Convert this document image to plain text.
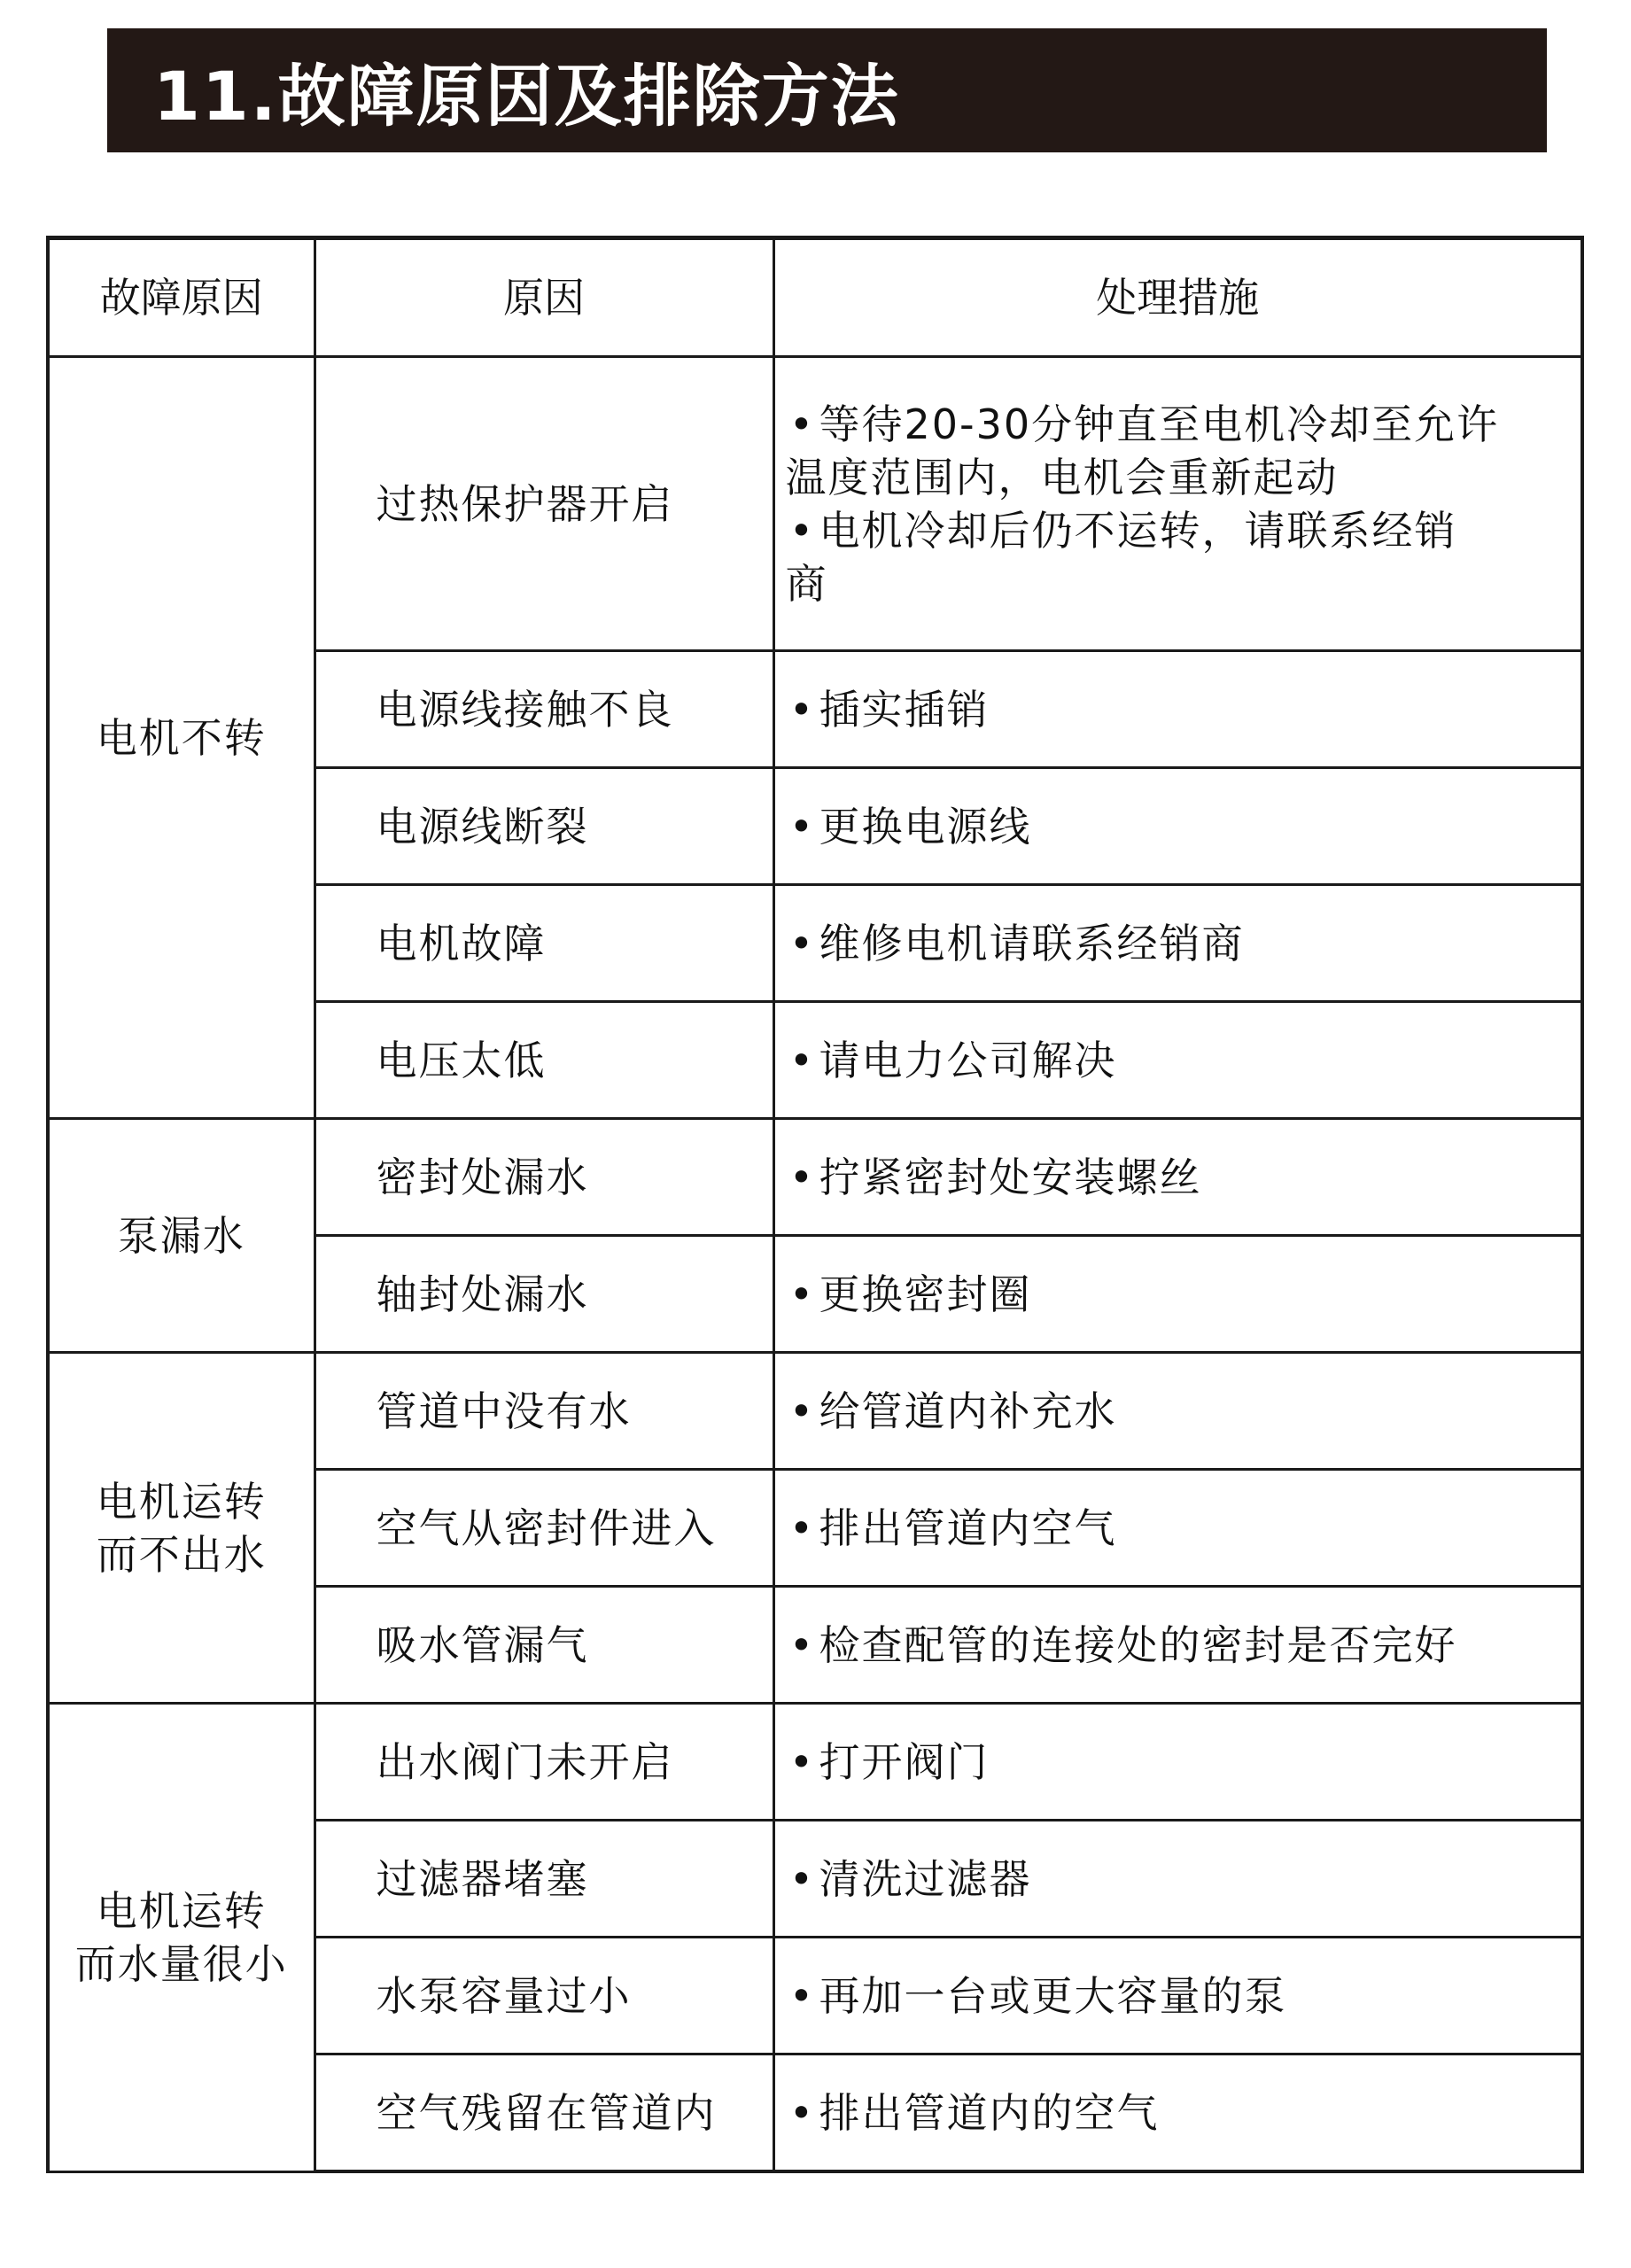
11.故障原因及排除方法
故障原因	原因	处理措施

电机不转	过热保护器开启	•等待20-30分钟直至电机冷却至允许
温度范围内，电机会重新起动
•电机冷却后仍不运转，请联系经销
商

	电源线接触不良	•插实插销
	电源线断裂	•更换电源线
	电机故障	•维修电机请联系经销商
	电压太低	•请电力公司解决

泵漏水	密封处漏水	•拧紧密封处安装螺丝
	轴封处漏水	•更换密封圈

电机运转
而不出水	管道中没有水	•给管道内补充水
	空气从密封件进入	•排出管道内空气
	吸水管漏气	•检查配管的连接处的密封是否完好

电机运转
而水量很小	出水阀门未开启	•打开阀门
	过滤器堵塞	•清洗过滤器
	水泵容量过小	•再加一台或更大容量的泵
	空气残留在管道内	•排出管道内的空气
